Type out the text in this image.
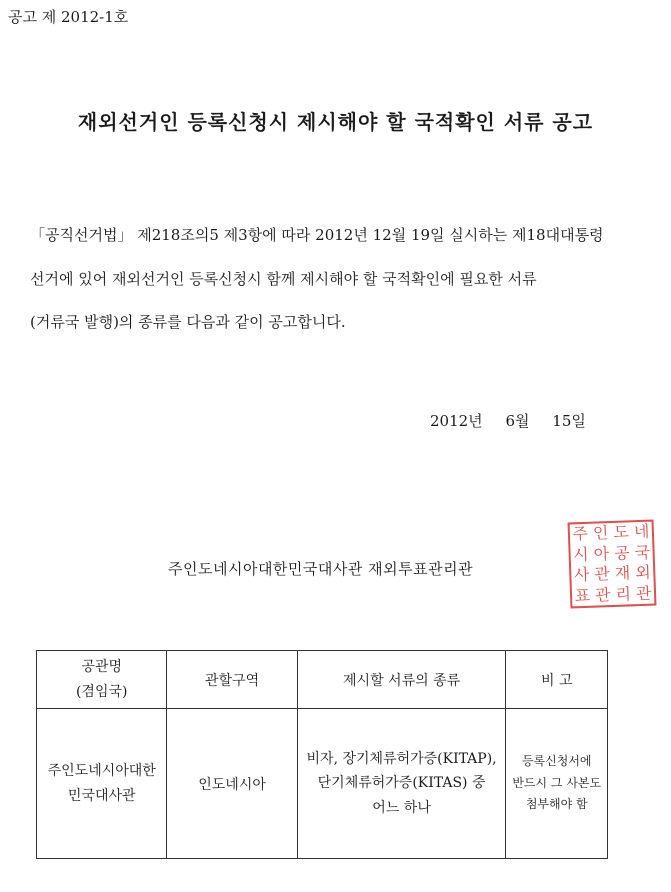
공고 제 2012-1호
재외선거인 등록신청시 제시해야 할 국적확인 서류 공고

「공직선거법」 제218조의5 제3항에 따라 2012년 12월 19일 실시하는 제18대대통령

선거에 있어 재외선거인 등록신청시 함께 제시해야 할 국적확인에 필요한 서류

(거류국 발행)의 종류를 다음과 같이 공고합니다.

2012년 6월 15일
주인도네시아대한민국대사관 재외투표관리관
주 인 도 네
시 아 공 국
사 관 재 외
표 관 리 관
공관명
(겸임국)	관할구역	제시할 서류의 종류	비 고

주인도네시아대한
민국대사관	인도네시아	비자, 장기체류허가증(KITAP),
단기체류허가증(KITAS) 중
어느 하나	등록신청서에
반드시 그 사본도
첨부해야 함
